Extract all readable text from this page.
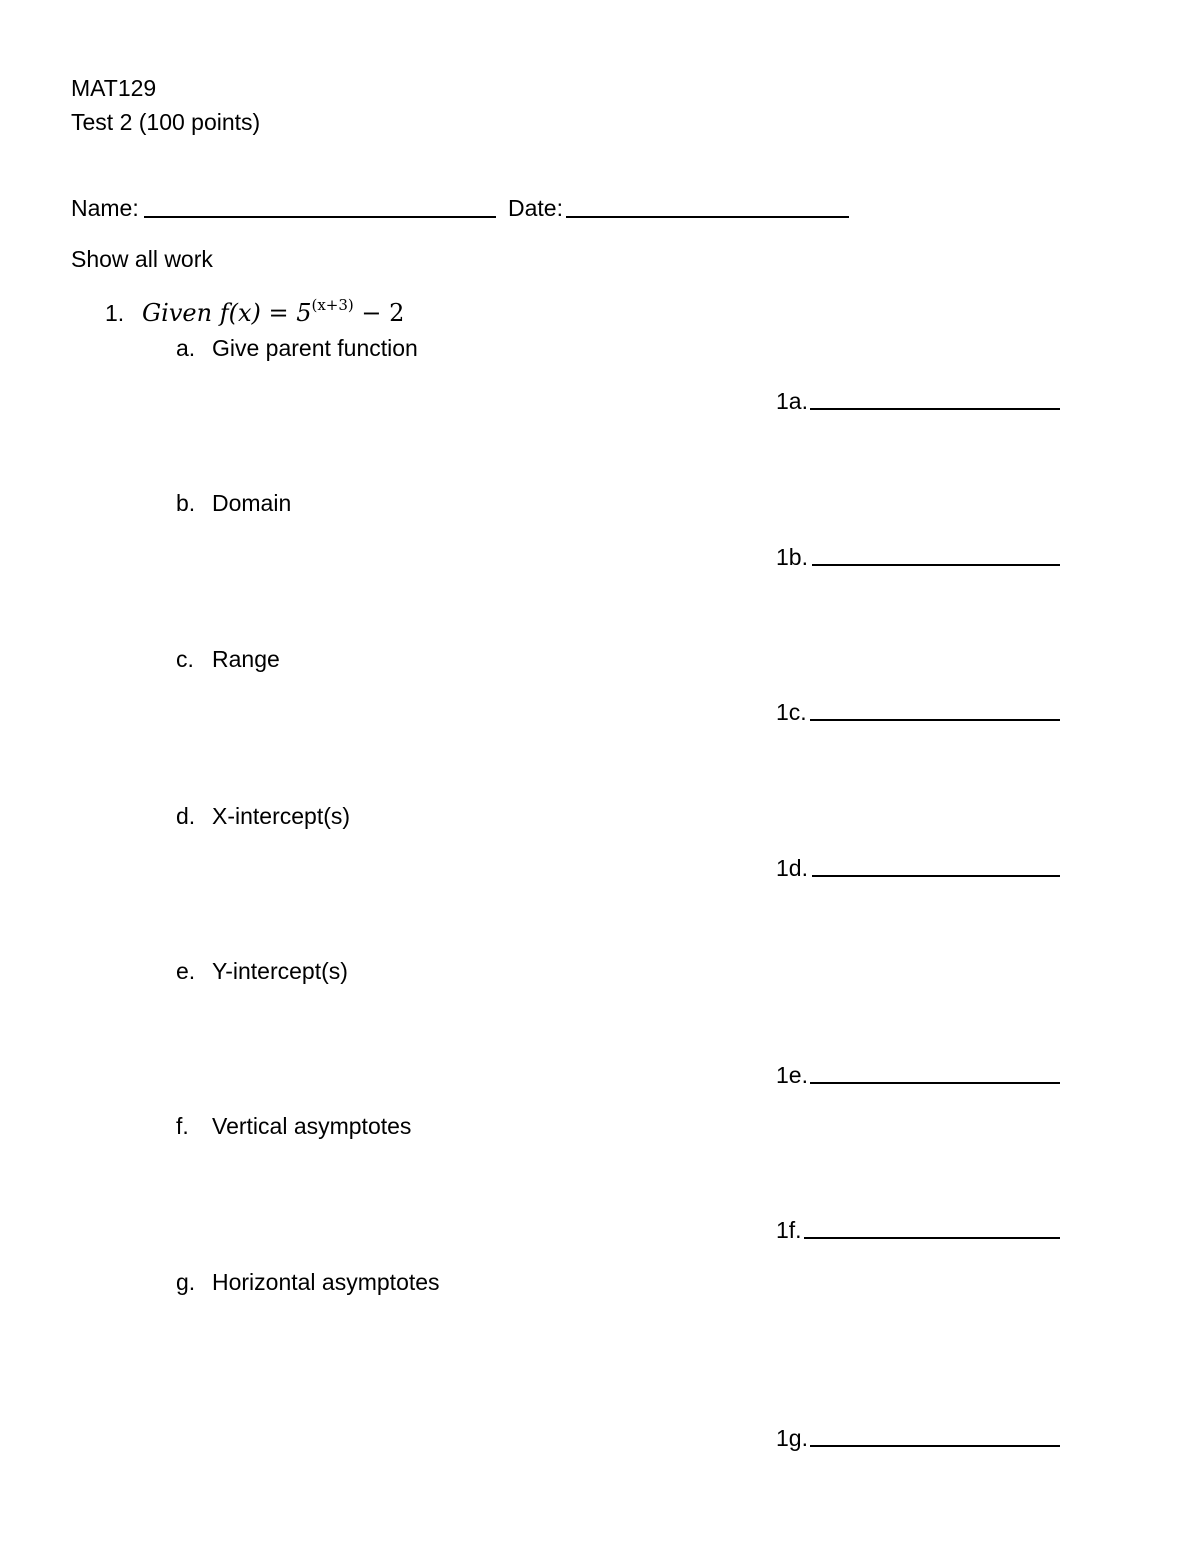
MAT129
Test 2 (100 points)
Name:	Date:
Show all work
1. Given $f(x) = 5^{(x+3)} - 2$
a. Give parent function
1a.
b. Domain
1b.
c. Range
1c.
d. X-intercept(s)
1d.
e. Y-intercept(s)
1e.
f. Vertical asymptotes
1f.
g. Horizontal asymptotes
1g.
